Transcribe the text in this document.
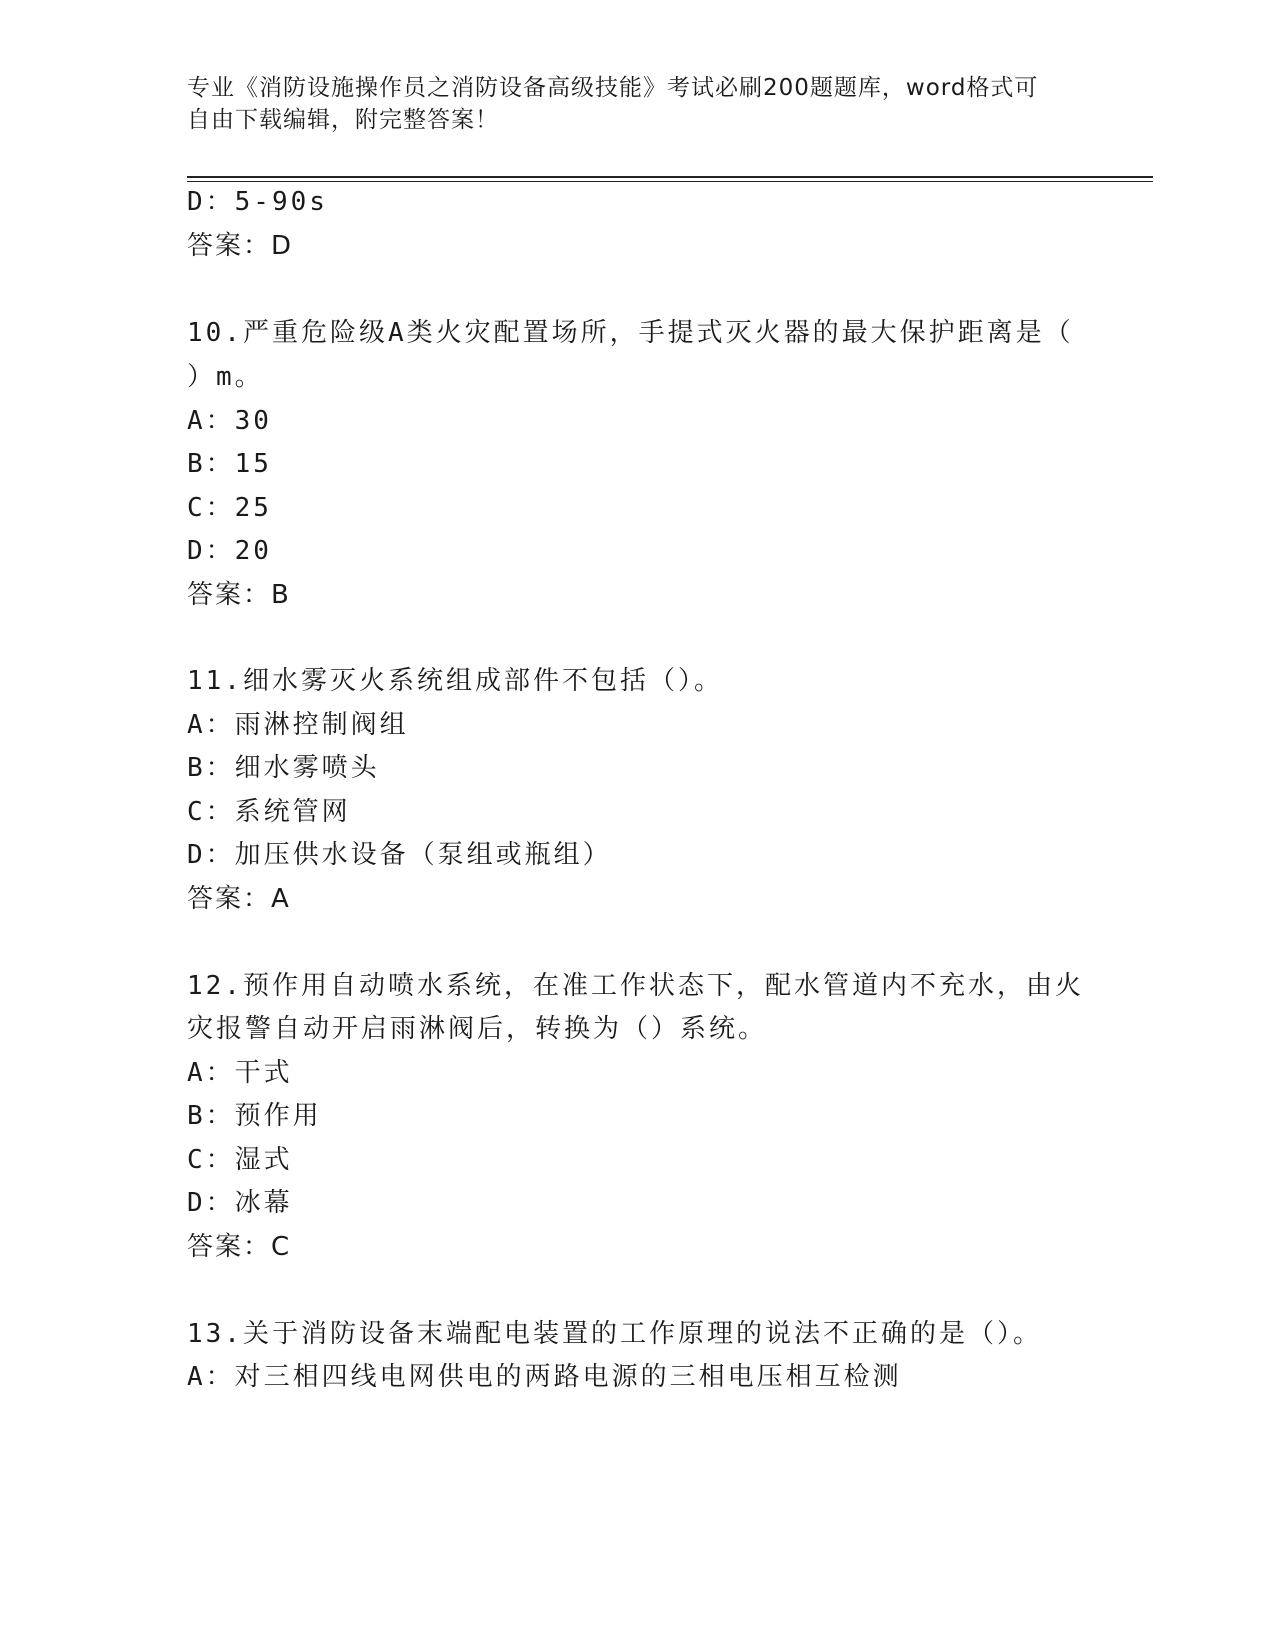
专业《消防设施操作员之消防设备高级技能》考试必刷200题题库，word格式可
自由下载编辑，附完整答案！
D：5-90s
答案：D
10.严重危险级A类火灾配置场所，手提式灭火器的最大保护距离是（
）m。
A：30
B：15
C：25
D：20
答案：B
11.细水雾灭火系统组成部件不包括（）。
A：雨淋控制阀组
B：细水雾喷头
C：系统管网
D：加压供水设备（泵组或瓶组）
答案：A
12.预作用自动喷水系统，在准工作状态下，配水管道内不充水，由火
灾报警自动开启雨淋阀后，转换为（）系统。
A：干式
B：预作用
C：湿式
D：冰幕
答案：C
13.关于消防设备末端配电装置的工作原理的说法不正确的是（）。
A：对三相四线电网供电的两路电源的三相电压相互检测
